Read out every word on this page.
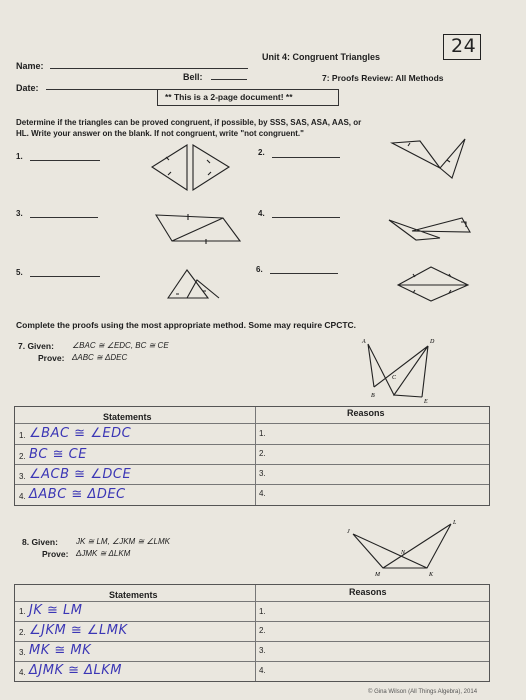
24
Name:
Unit 4: Congruent Triangles
Date:
Bell:	7: Proofs Review: All Methods
** This is a 2-page document! **
Determine if the triangles can be proved congruent, if possible, by SSS, SAS, ASA, AAS, or
HL. Write your answer on the blank. If not congruent, write "not congruent."
1.	2.
3.	4.
5.	6.
Complete the proofs using the most appropriate method. Some may require CPCTC.
7. Given: ∠BAC ≅ ∠EDC, BC ≅ CE
Prove: ΔABC ≅ ΔDEC
A	D
C
B
E
Statements	Reasons
1. ∠BAC ≅ ∠EDC	1.
2. BC ≅ CE	2.
3. ∠ACB ≅ ∠DCE	3.
4. ΔABC ≅ ΔDEC	4.
8. Given: JK ≅ LM, ∠JKM ≅ ∠LMK
Prove: ΔJMK ≅ ΔLKM
J
L
N
M	K
Statements	Reasons
1. JK ≅ LM	1.
2. ∠JKM ≅ ∠LMK	2.
3. MK ≅ MK	3.
4. ΔJMK ≅ ΔLKM	4.
© Gina Wilson (All Things Algebra), 2014
